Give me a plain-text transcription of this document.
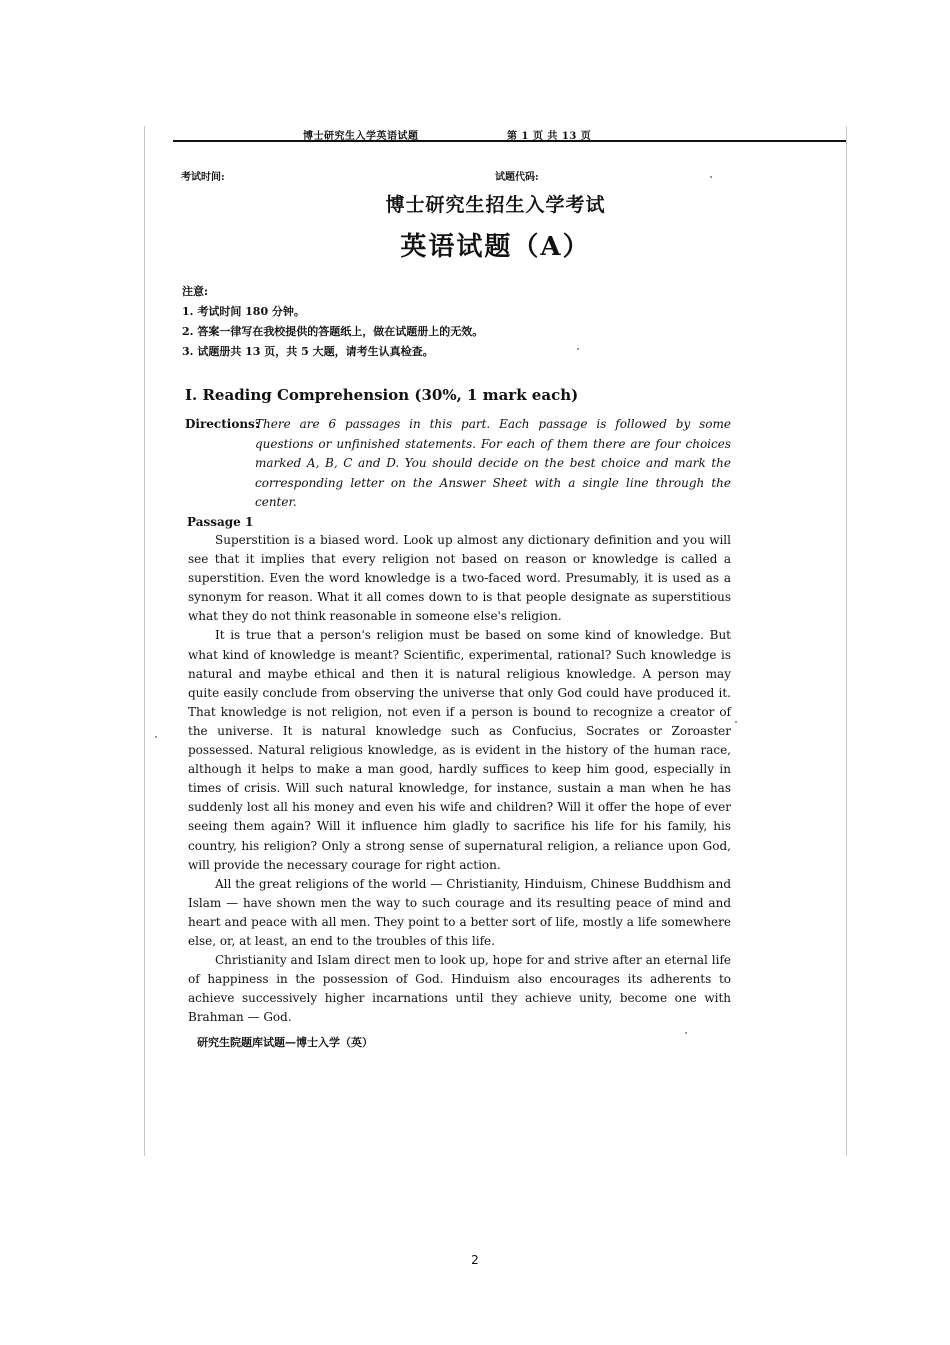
博士研究生入学英语试题	第 1 页 共 13 页
考试时间:	试题代码:
博士研究生招生入学考试
英语试题（A）
注意:
1. 考试时间 180 分钟。
2. 答案一律写在我校提供的答题纸上，做在试题册上的无效。
3. 试题册共 13 页，共 5 大题，请考生认真检查。
I. Reading Comprehension (30%, 1 mark each)
Directions:
There are 6 passages in this part. Each passage is followed by some questions or unfinished statements. For each of them there are four choices marked A, B, C and D. You should decide on the best choice and mark the corresponding letter on the Answer Sheet with a single line through the center.
Passage 1

Superstition is a biased word. Look up almost any dictionary definition and you will see that it implies that every religion not based on reason or knowledge is called a superstition. Even the word knowledge is a two-faced word. Presumably, it is used as a synonym for reason. What it all comes down to is that people designate as superstitious what they do not think reasonable in someone else's religion.

It is true that a person's religion must be based on some kind of knowledge. But what kind of knowledge is meant? Scientific, experimental, rational? Such knowledge is natural and maybe ethical and then it is natural religious knowledge. A person may quite easily conclude from observing the universe that only God could have produced it. That knowledge is not religion, not even if a person is bound to recognize a creator of the universe. It is natural knowledge such as Confucius, Socrates or Zoroaster possessed. Natural religious knowledge, as is evident in the history of the human race, although it helps to make a man good, hardly suffices to keep him good, especially in times of crisis. Will such natural knowledge, for instance, sustain a man when he has suddenly lost all his money and even his wife and children? Will it offer the hope of ever seeing them again? Will it influence him gladly to sacrifice his life for his family, his country, his religion? Only a strong sense of supernatural religion, a reliance upon God, will provide the necessary courage for right action.

All the great religions of the world — Christianity, Hinduism, Chinese Buddhism and Islam — have shown men the way to such courage and its resulting peace of mind and heart and peace with all men. They point to a better sort of life, mostly a life somewhere else, or, at least, an end to the troubles of this life.

Christianity and Islam direct men to look up, hope for and strive after an eternal life of happiness in the possession of God. Hinduism also encourages its adherents to achieve successively higher incarnations until they achieve unity, become one with Brahman — God.

研究生院题库试题—博士入学（英）
2
